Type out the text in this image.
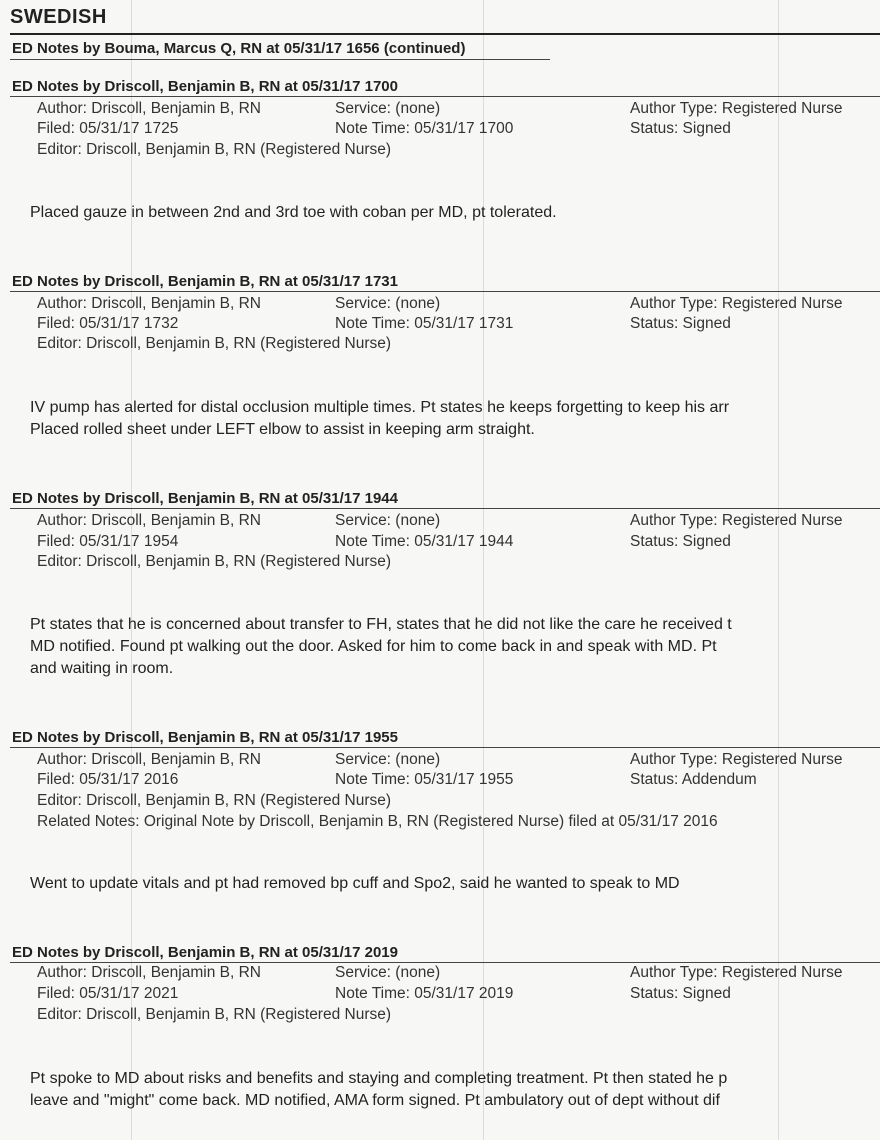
SWEDISH
ED Notes by Bouma, Marcus Q, RN at 05/31/17 1656 (continued)
ED Notes by Driscoll, Benjamin B, RN at 05/31/17 1700
Author: Driscoll, Benjamin B, RN	Service: (none)	Author Type: Registered Nurse
Filed: 05/31/17 1725	Note Time: 05/31/17 1700	Status: Signed
Editor: Driscoll, Benjamin B, RN (Registered Nurse)
Placed gauze in between 2nd and 3rd toe with coban per MD, pt tolerated.
ED Notes by Driscoll, Benjamin B, RN at 05/31/17 1731
Author: Driscoll, Benjamin B, RN	Service: (none)	Author Type: Registered Nurse
Filed: 05/31/17 1732	Note Time: 05/31/17 1731	Status: Signed
Editor: Driscoll, Benjamin B, RN (Registered Nurse)
IV pump has alerted for distal occlusion multiple times. Pt states he keeps forgetting to keep his arr
Placed rolled sheet under LEFT elbow to assist in keeping arm straight.
ED Notes by Driscoll, Benjamin B, RN at 05/31/17 1944
Author: Driscoll, Benjamin B, RN	Service: (none)	Author Type: Registered Nurse
Filed: 05/31/17 1954	Note Time: 05/31/17 1944	Status: Signed
Editor: Driscoll, Benjamin B, RN (Registered Nurse)
Pt states that he is concerned about transfer to FH, states that he did not like the care he received t
MD notified. Found pt walking out the door. Asked for him to come back in and speak with MD. Pt
and waiting in room.
ED Notes by Driscoll, Benjamin B, RN at 05/31/17 1955
Author: Driscoll, Benjamin B, RN	Service: (none)	Author Type: Registered Nurse
Filed: 05/31/17 2016	Note Time: 05/31/17 1955	Status: Addendum
Editor: Driscoll, Benjamin B, RN (Registered Nurse)
Related Notes: Original Note by Driscoll, Benjamin B, RN (Registered Nurse) filed at 05/31/17 2016
Went to update vitals and pt had removed bp cuff and Spo2, said he wanted to speak to MD
ED Notes by Driscoll, Benjamin B, RN at 05/31/17 2019
Author: Driscoll, Benjamin B, RN	Service: (none)	Author Type: Registered Nurse
Filed: 05/31/17 2021	Note Time: 05/31/17 2019	Status: Signed
Editor: Driscoll, Benjamin B, RN (Registered Nurse)
Pt spoke to MD about risks and benefits and staying and completing treatment. Pt then stated he p
leave and "might" come back. MD notified, AMA form signed. Pt ambulatory out of dept without dif
